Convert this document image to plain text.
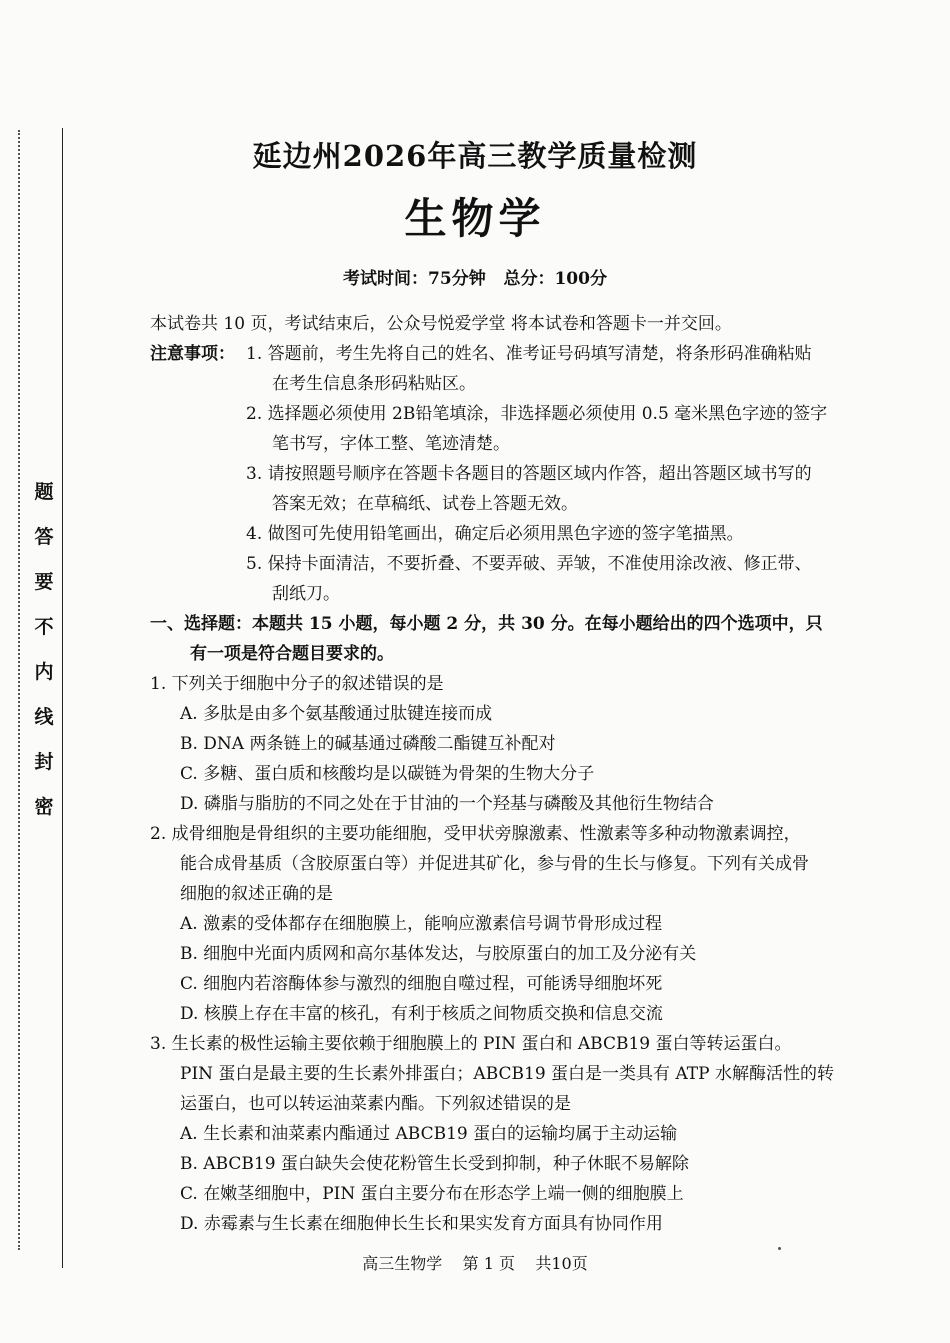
题
答
要
不
内
线
封
密
延边州2026年高三教学质量检测
生物学
考试时间：75分钟   总分：100分
本试卷共 10 页，考试结束后，公众号悦爱学堂 将本试卷和答题卡一并交回。
注意事项： 1. 答题前，考生先将自己的姓名、准考证号码填写清楚，将条形码准确粘贴
在考生信息条形码粘贴区。
2. 选择题必须使用 2B铅笔填涂，非选择题必须使用 0.5 毫米黑色字迹的签字
笔书写，字体工整、笔迹清楚。
3. 请按照题号顺序在答题卡各题目的答题区域内作答，超出答题区域书写的
答案无效；在草稿纸、试卷上答题无效。
4. 做图可先使用铅笔画出，确定后必须用黑色字迹的签字笔描黑。
5. 保持卡面清洁，不要折叠、不要弄破、弄皱，不准使用涂改液、修正带、
刮纸刀。
一、选择题：本题共 15 小题，每小题 2 分，共 30 分。在每小题给出的四个选项中，只
有一项是符合题目要求的。
1. 下列关于细胞中分子的叙述错误的是
A. 多肽是由多个氨基酸通过肽键连接而成
B. DNA 两条链上的碱基通过磷酸二酯键互补配对
C. 多糖、蛋白质和核酸均是以碳链为骨架的生物大分子
D. 磷脂与脂肪的不同之处在于甘油的一个羟基与磷酸及其他衍生物结合
2. 成骨细胞是骨组织的主要功能细胞，受甲状旁腺激素、性激素等多种动物激素调控，
能合成骨基质（含胶原蛋白等）并促进其矿化，参与骨的生长与修复。下列有关成骨
细胞的叙述正确的是
A. 激素的受体都存在细胞膜上，能响应激素信号调节骨形成过程
B. 细胞中光面内质网和高尔基体发达，与胶原蛋白的加工及分泌有关
C. 细胞内若溶酶体参与激烈的细胞自噬过程，可能诱导细胞坏死
D. 核膜上存在丰富的核孔，有利于核质之间物质交换和信息交流
3. 生长素的极性运输主要依赖于细胞膜上的 PIN 蛋白和 ABCB19 蛋白等转运蛋白。
PIN 蛋白是最主要的生长素外排蛋白；ABCB19 蛋白是一类具有 ATP 水解酶活性的转
运蛋白，也可以转运油菜素内酯。下列叙述错误的是
A. 生长素和油菜素内酯通过 ABCB19 蛋白的运输均属于主动运输
B. ABCB19 蛋白缺失会使花粉管生长受到抑制，种子休眠不易解除
C. 在嫩茎细胞中，PIN 蛋白主要分布在形态学上端一侧的细胞膜上
D. 赤霉素与生长素在细胞伸长生长和果实发育方面具有协同作用
高三生物学    第 1 页    共10页
